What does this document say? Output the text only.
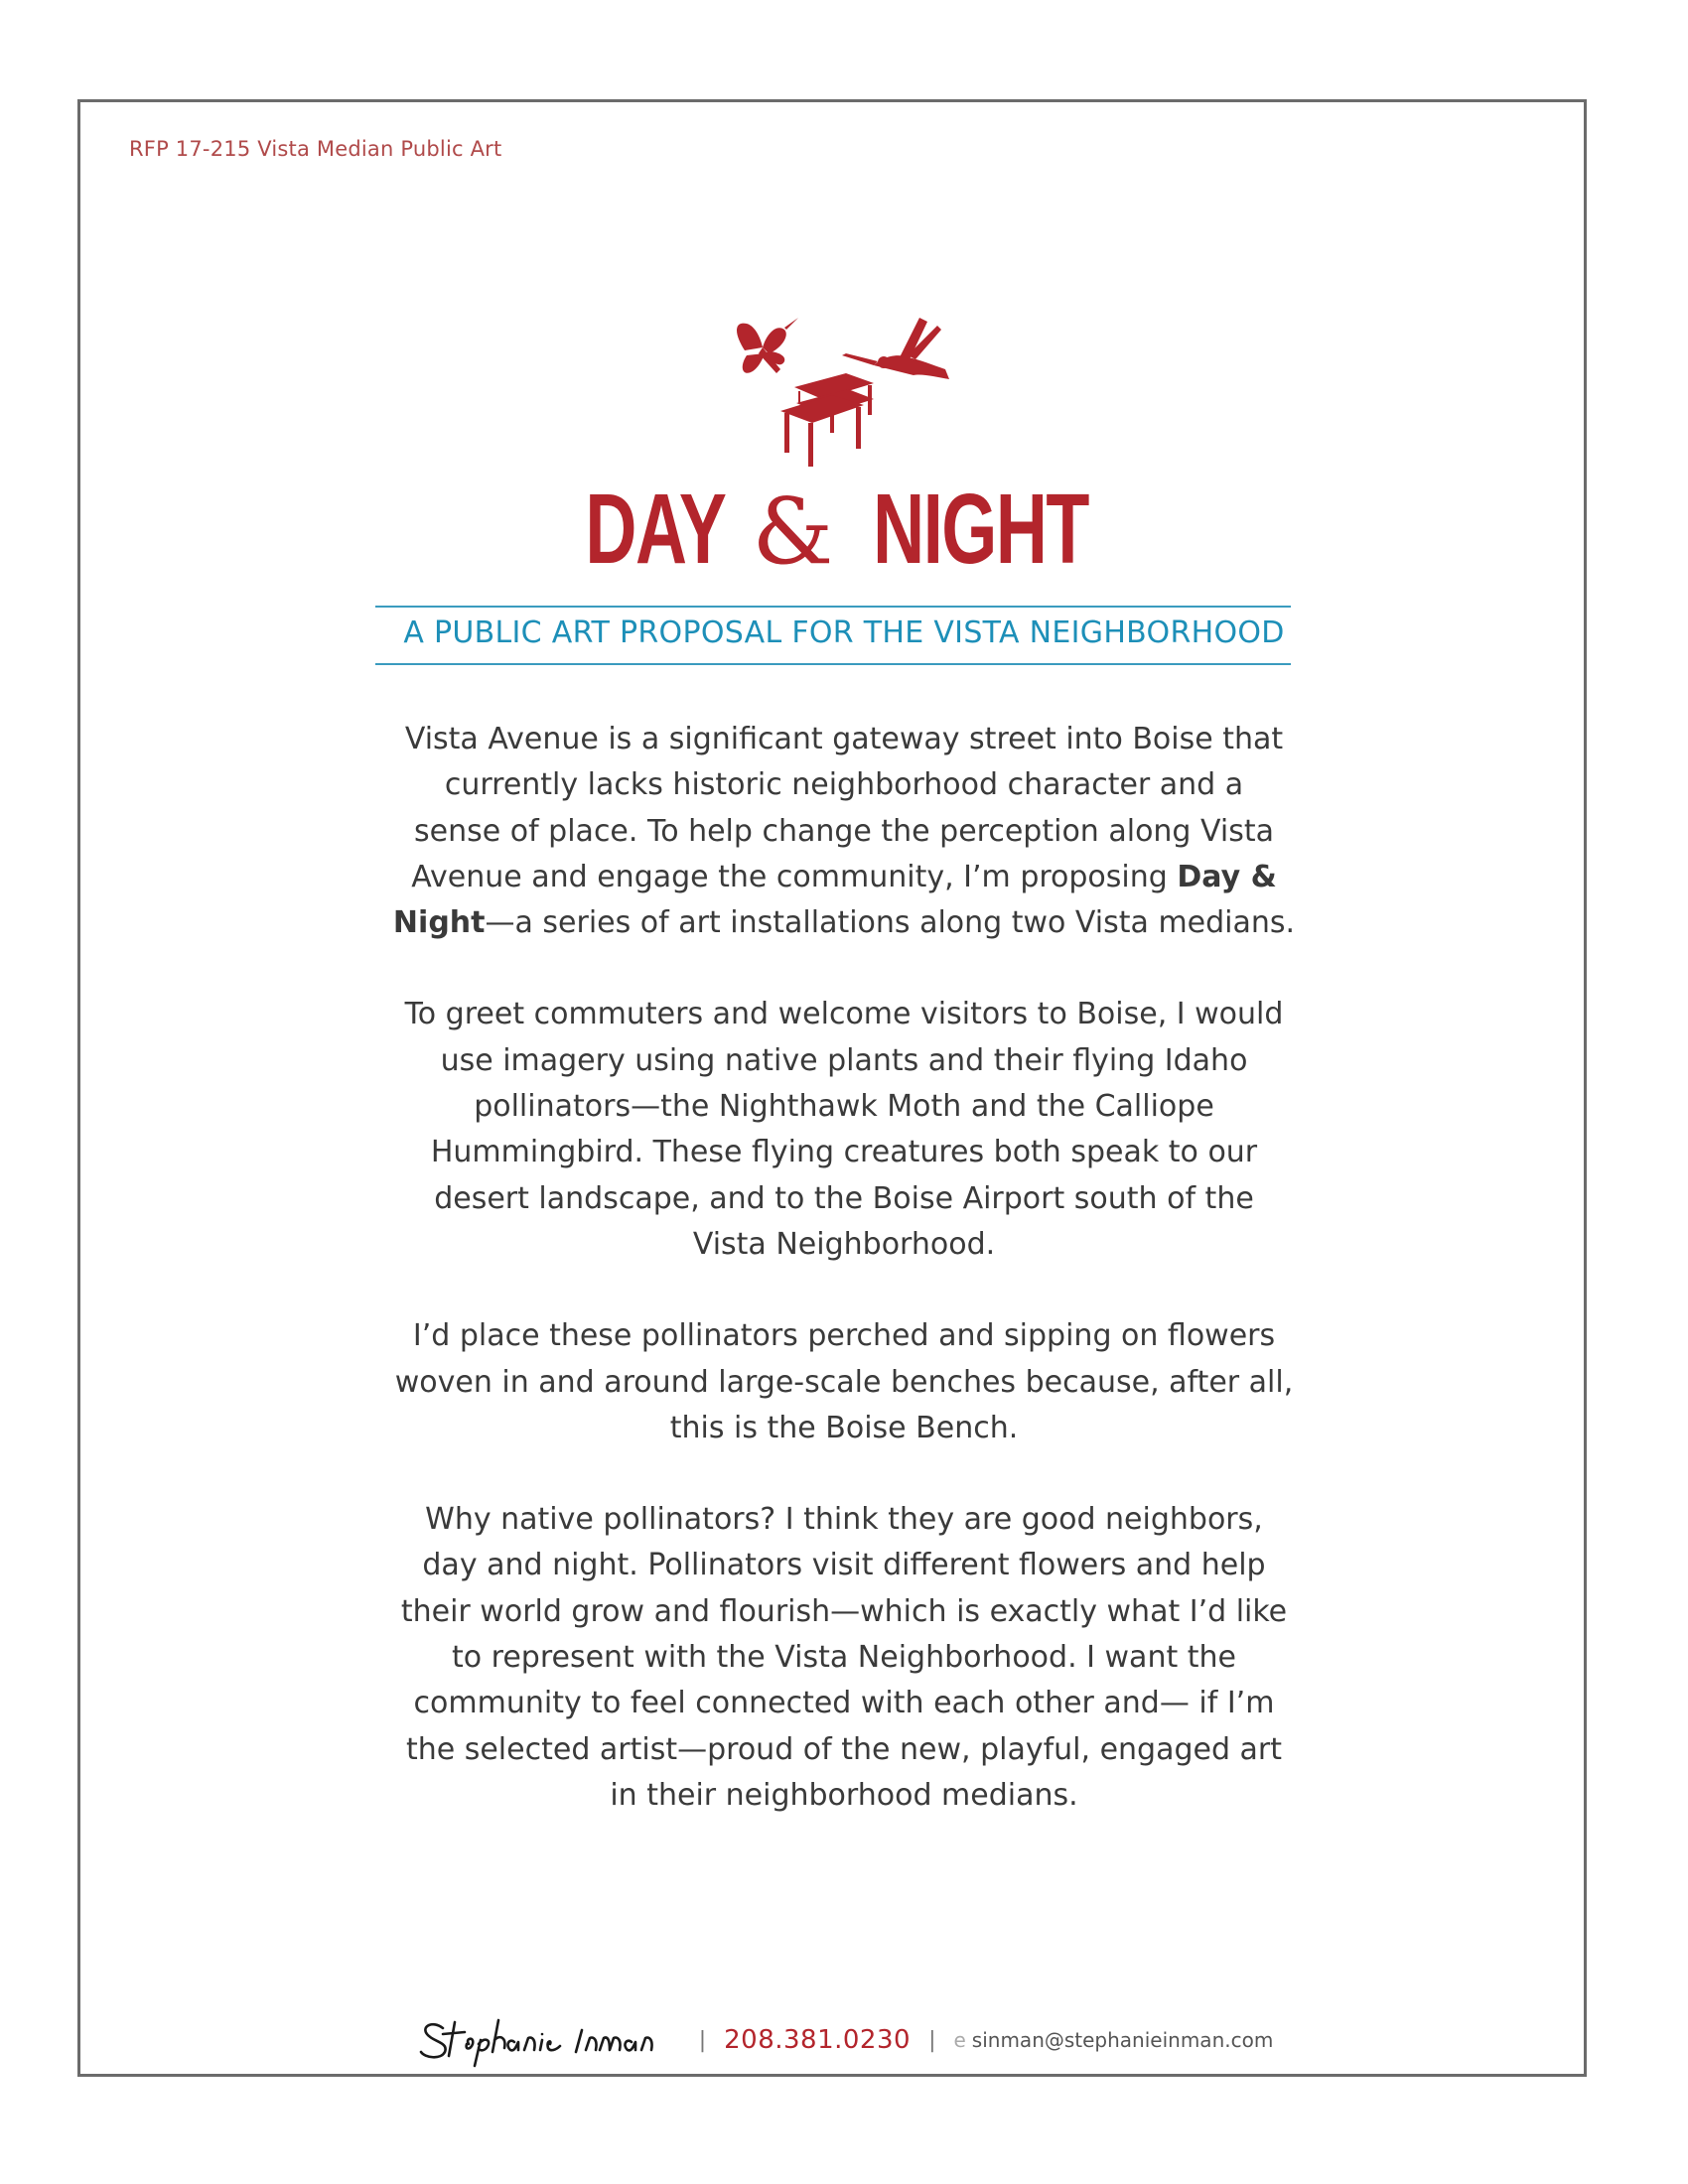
RFP 17-215 Vista Median Public Art
DAY & NIGHT
A PUBLIC ART PROPOSAL FOR THE VISTA NEIGHBORHOOD

Vista Avenue is a significant gateway street into Boise that
currently lacks historic neighborhood character and a
sense of place. To help change the perception along Vista
Avenue and engage the community, I’m proposing Day &
Night—a series of art installations along two Vista medians.

To greet commuters and welcome visitors to Boise, I would
use imagery using native plants and their flying Idaho
pollinators—the Nighthawk Moth and the Calliope
Hummingbird. These flying creatures both speak to our
desert landscape, and to the Boise Airport south of the
Vista Neighborhood.

I’d place these pollinators perched and sipping on flowers
woven in and around large-scale benches because, after all,
this is the Boise Bench.

Why native pollinators? I think they are good neighbors,
day and night. Pollinators visit different flowers and help
their world grow and flourish—which is exactly what I’d like
to represent with the Vista Neighborhood. I want the
community to feel connected with each other and— if I’m
the selected artist—proud of the new, playful, engaged art
in their neighborhood medians.

| 208.381.0230 | e sinman@stephanieinman.com
